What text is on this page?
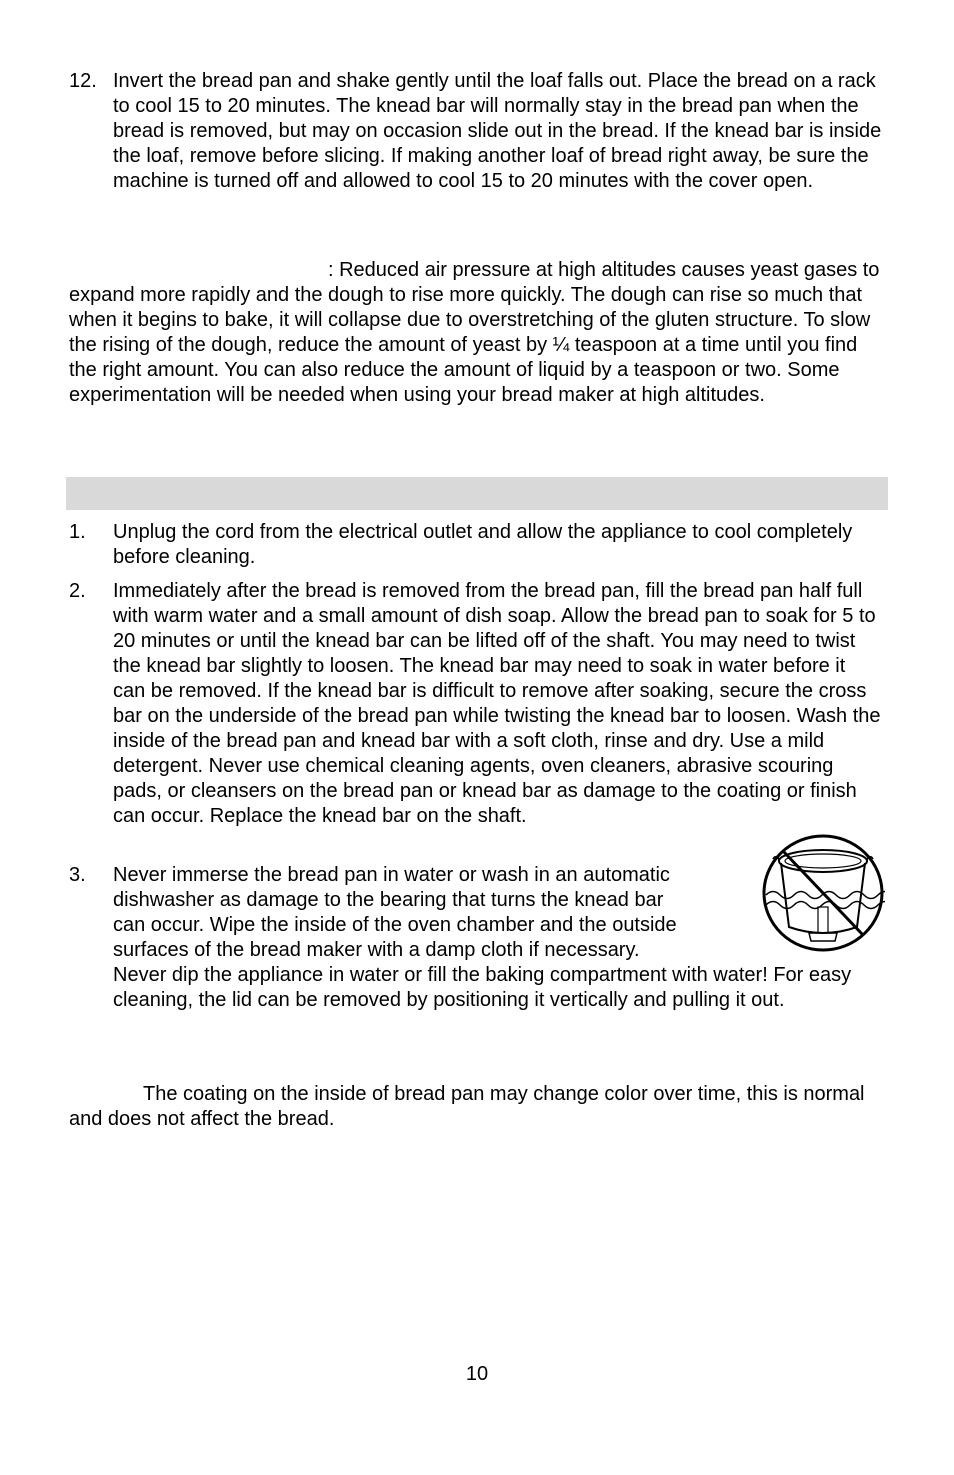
12. Invert the bread pan and shake gently until the loaf falls out. Place the bread on a rack to cool 15 to 20 minutes. The knead bar will normally stay in the bread pan when the bread is removed, but may on occasion slide out in the bread. If the knead bar is inside the loaf, remove before slicing. If making another loaf of bread right away, be sure the machine is turned off and allowed to cool 15 to 20 minutes with the cover open.

: Reduced air pressure at high altitudes causes yeast gases to expand more rapidly and the dough to rise more quickly. The dough can rise so much that when it begins to bake, it will collapse due to overstretching of the gluten structure. To slow the rising of the dough, reduce the amount of yeast by ¼ teaspoon at a time until you find the right amount. You can also reduce the amount of liquid by a teaspoon or two. Some experimentation will be needed when using your bread maker at high altitudes.

1. Unplug the cord from the electrical outlet and allow the appliance to cool completely before cleaning.
2. Immediately after the bread is removed from the bread pan, fill the bread pan half full with warm water and a small amount of dish soap. Allow the bread pan to soak for 5 to 20 minutes or until the knead bar can be lifted off of the shaft. You may need to twist the knead bar slightly to loosen. The knead bar may need to soak in water before it can be removed. If the knead bar is difficult to remove after soaking, secure the cross bar on the underside of the bread pan while twisting the knead bar to loosen. Wash the inside of the bread pan and knead bar with a soft cloth, rinse and dry. Use a mild detergent. Never use chemical cleaning agents, oven cleaners, abrasive scouring pads, or cleansers on the bread pan or knead bar as damage to the coating or finish can occur. Replace the knead bar on the shaft.
3. Never immerse the bread pan in water or wash in an automatic
dishwasher as damage to the bearing that turns the knead bar
can occur. Wipe the inside of the oven chamber and the outside
surfaces of the bread maker with a damp cloth if necessary.
Never dip the appliance in water or fill the baking compartment with water! For easy cleaning, the lid can be removed by positioning it vertically and pulling it out.

The coating on the inside of bread pan may change color over time, this is normal and does not affect the bread.

10
